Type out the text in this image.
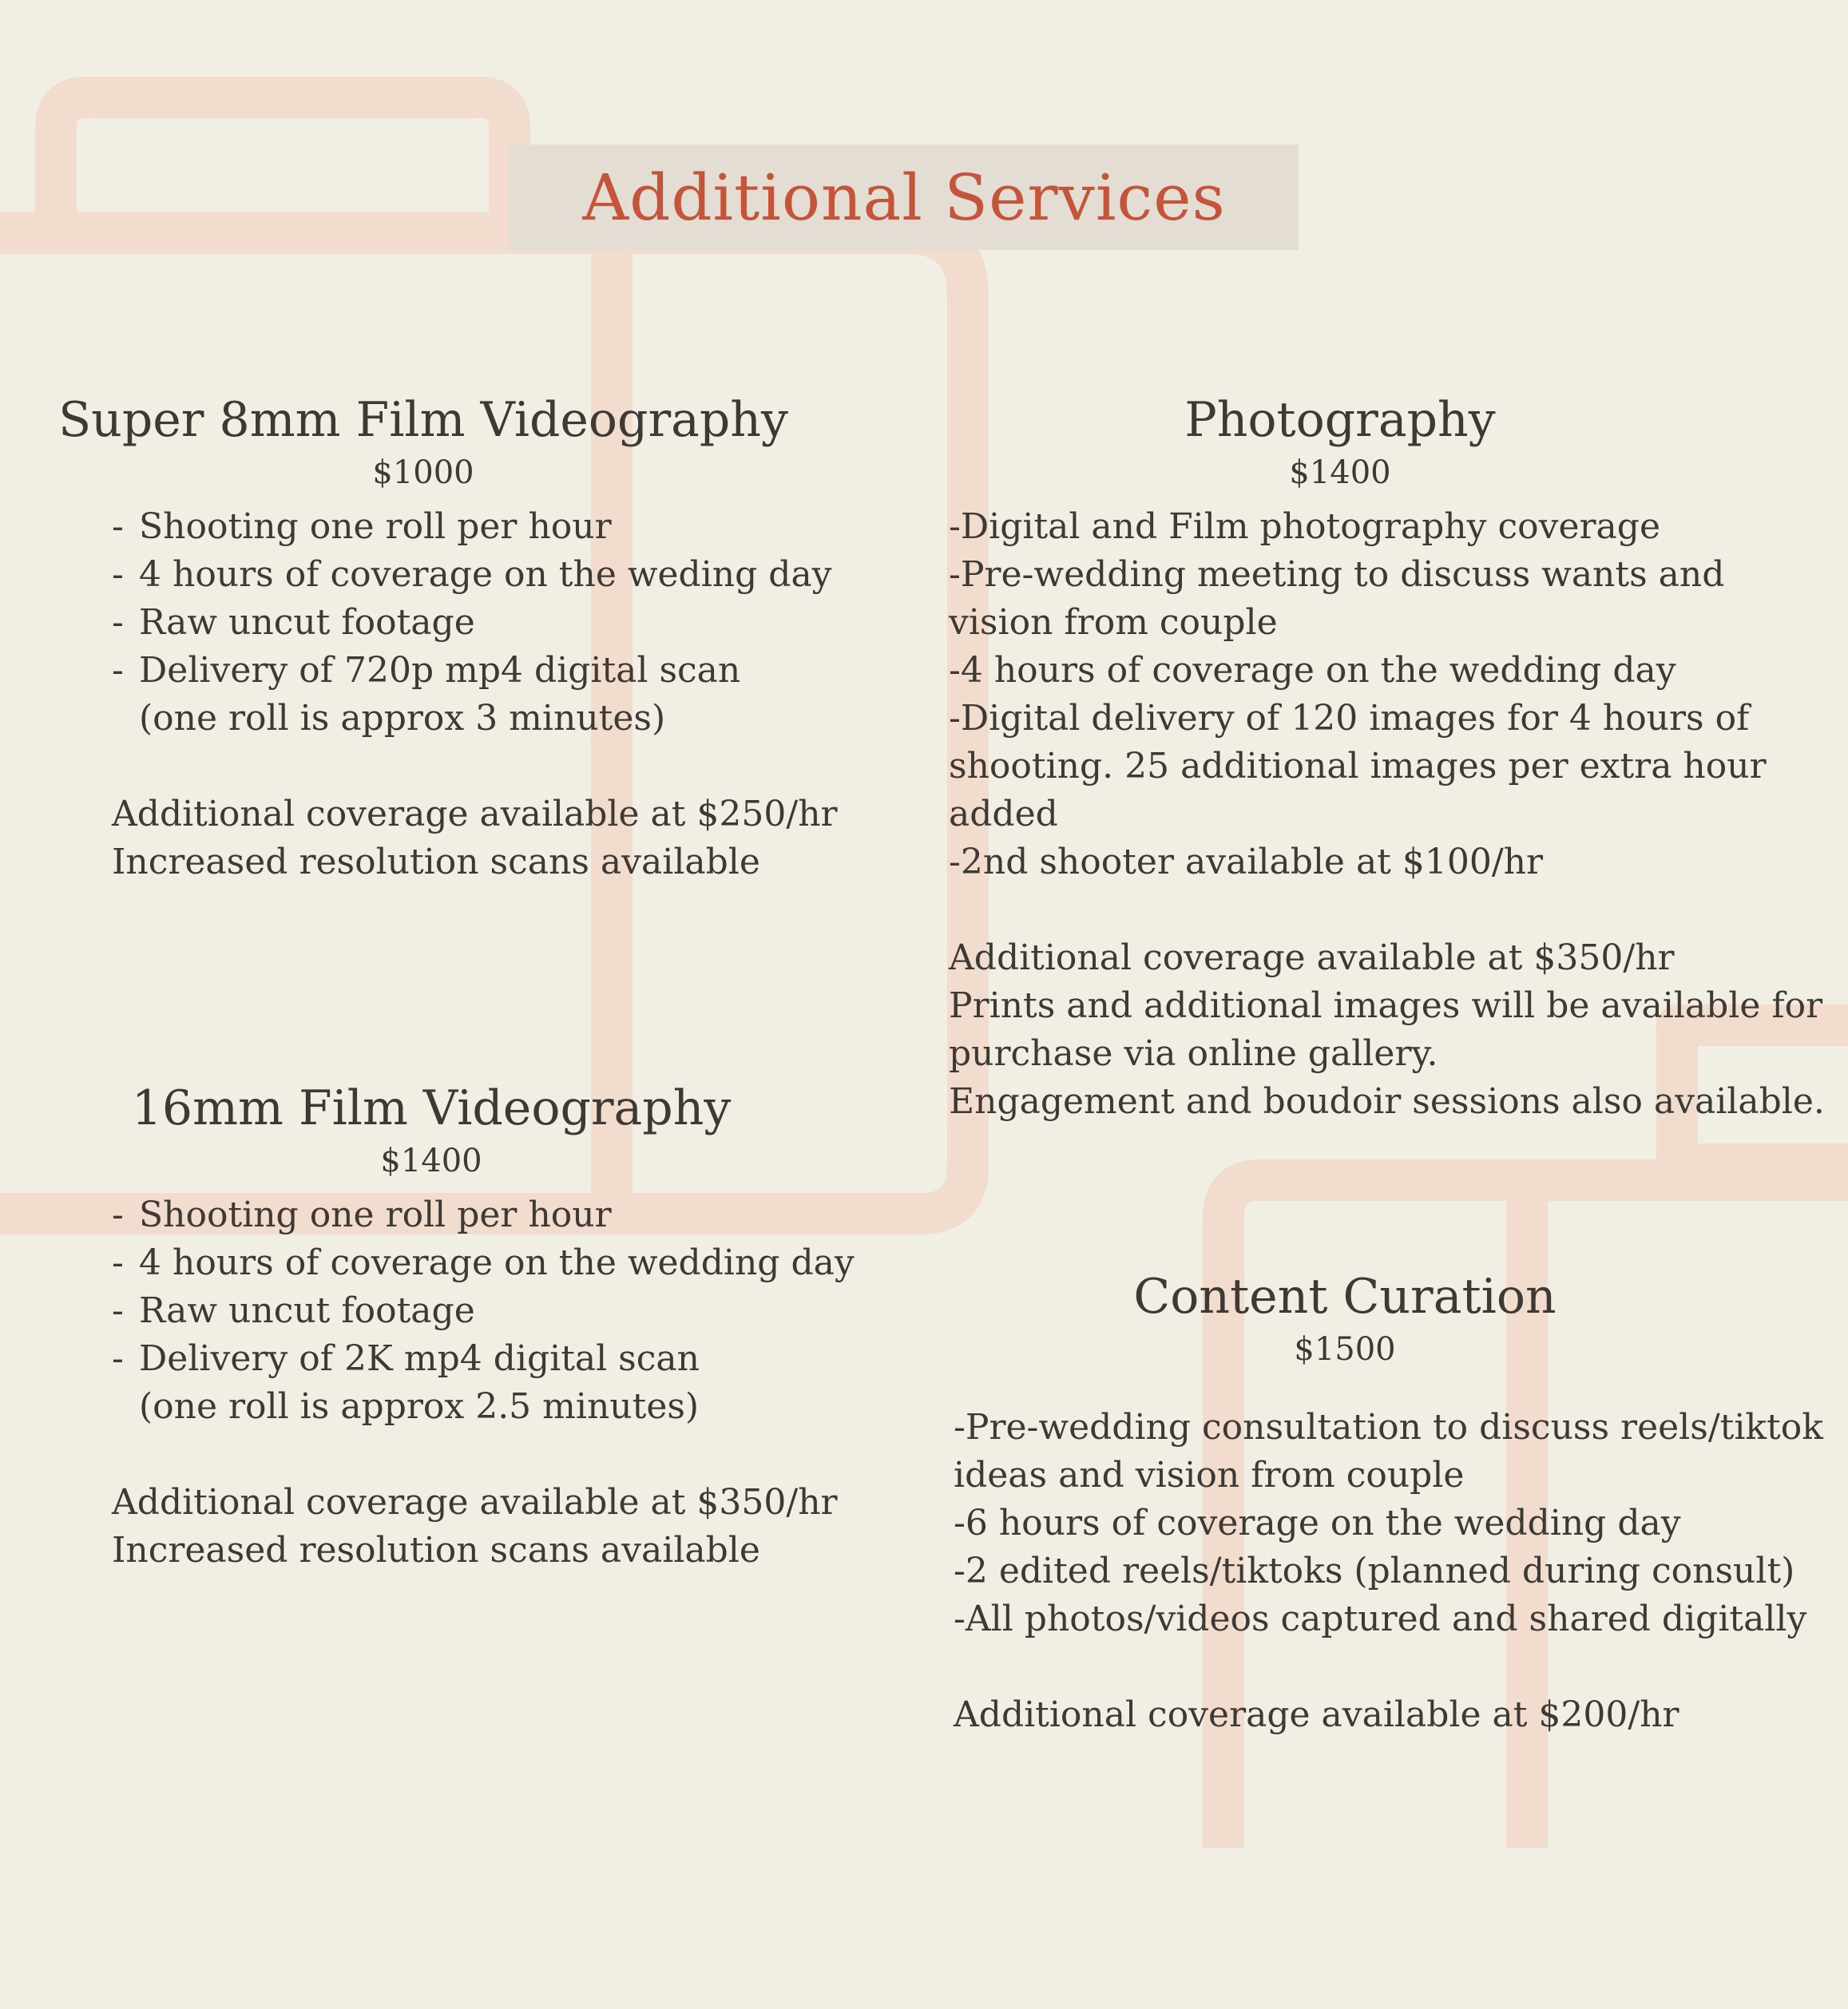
Additional Services
Super 8mm Film Videography
$1000
- Shooting one roll per hour
- 4 hours of coverage on the weding day
- Raw uncut footage
- Delivery of 720p mp4 digital scan
(one roll is approx 3 minutes)
Additional coverage available at $250/hr
Increased resolution scans available
16mm Film Videography
$1400
- Shooting one roll per hour
- 4 hours of coverage on the wedding day
- Raw uncut footage
- Delivery of 2K mp4 digital scan
(one roll is approx 2.5 minutes)
Additional coverage available at $350/hr
Increased resolution scans available
Photography
$1400
-Digital and Film photography coverage
-Pre-wedding meeting to discuss wants and
vision from couple
-4 hours of coverage on the wedding day
-Digital delivery of 120 images for 4 hours of
shooting. 25 additional images per extra hour
added
-2nd shooter available at $100/hr
Additional coverage available at $350/hr
Prints and additional images will be available for
purchase via online gallery.
Engagement and boudoir sessions also available.
Content Curation
$1500
-Pre-wedding consultation to discuss reels/tiktok
ideas and vision from couple
-6 hours of coverage on the wedding day
-2 edited reels/tiktoks (planned during consult)
-All photos/videos captured and shared digitally
Additional coverage available at $200/hr
